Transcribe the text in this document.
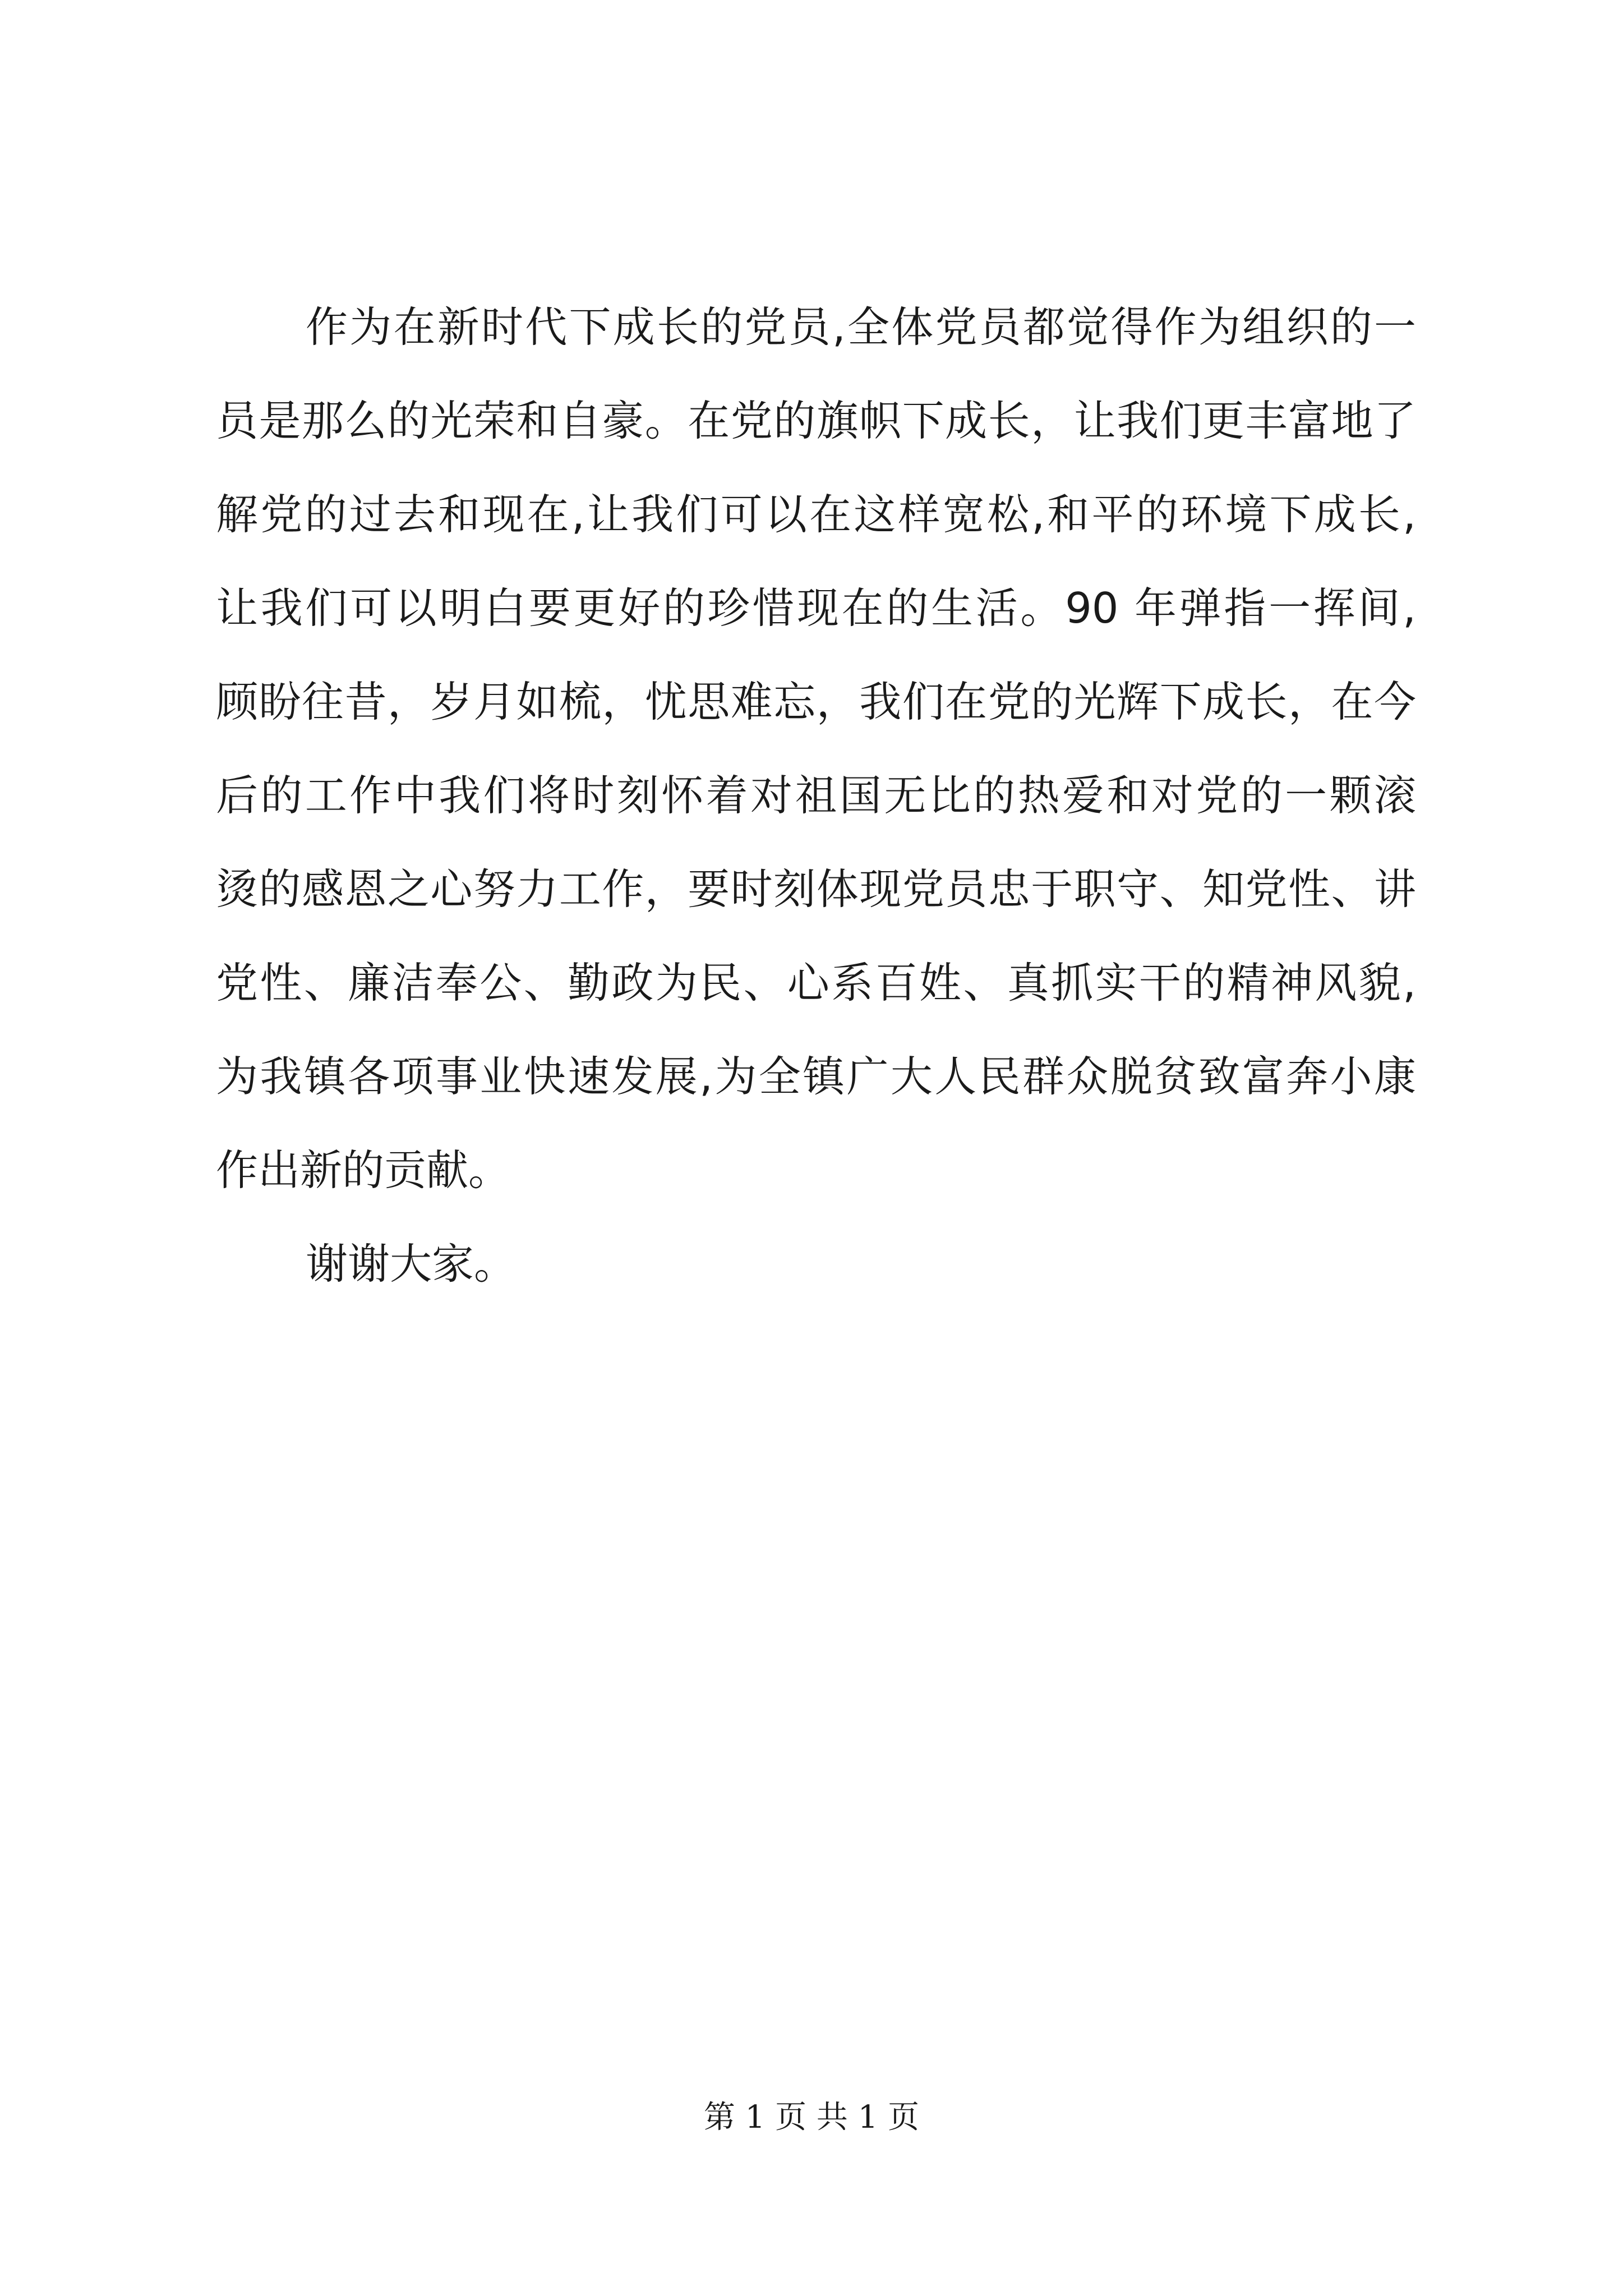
作为在新时代下成长的党员,全体党员都觉得作为组织的一
员是那么的光荣和自豪。在党的旗帜下成长，让我们更丰富地了
解党的过去和现在,让我们可以在这样宽松,和平的环境下成长,
让我们可以明白要更好的珍惜现在的生活。90 年弹指一挥间,
顾盼往昔，岁月如梳，忧思难忘，我们在党的光辉下成长，在今
后的工作中我们将时刻怀着对祖国无比的热爱和对党的一颗滚
烫的感恩之心努力工作，要时刻体现党员忠于职守、知党性、讲
党性、廉洁奉公、勤政为民、心系百姓、真抓实干的精神风貌,
为我镇各项事业快速发展,为全镇广大人民群众脱贫致富奔小康
作出新的贡献。
谢谢大家。
第 1 页 共 1 页
